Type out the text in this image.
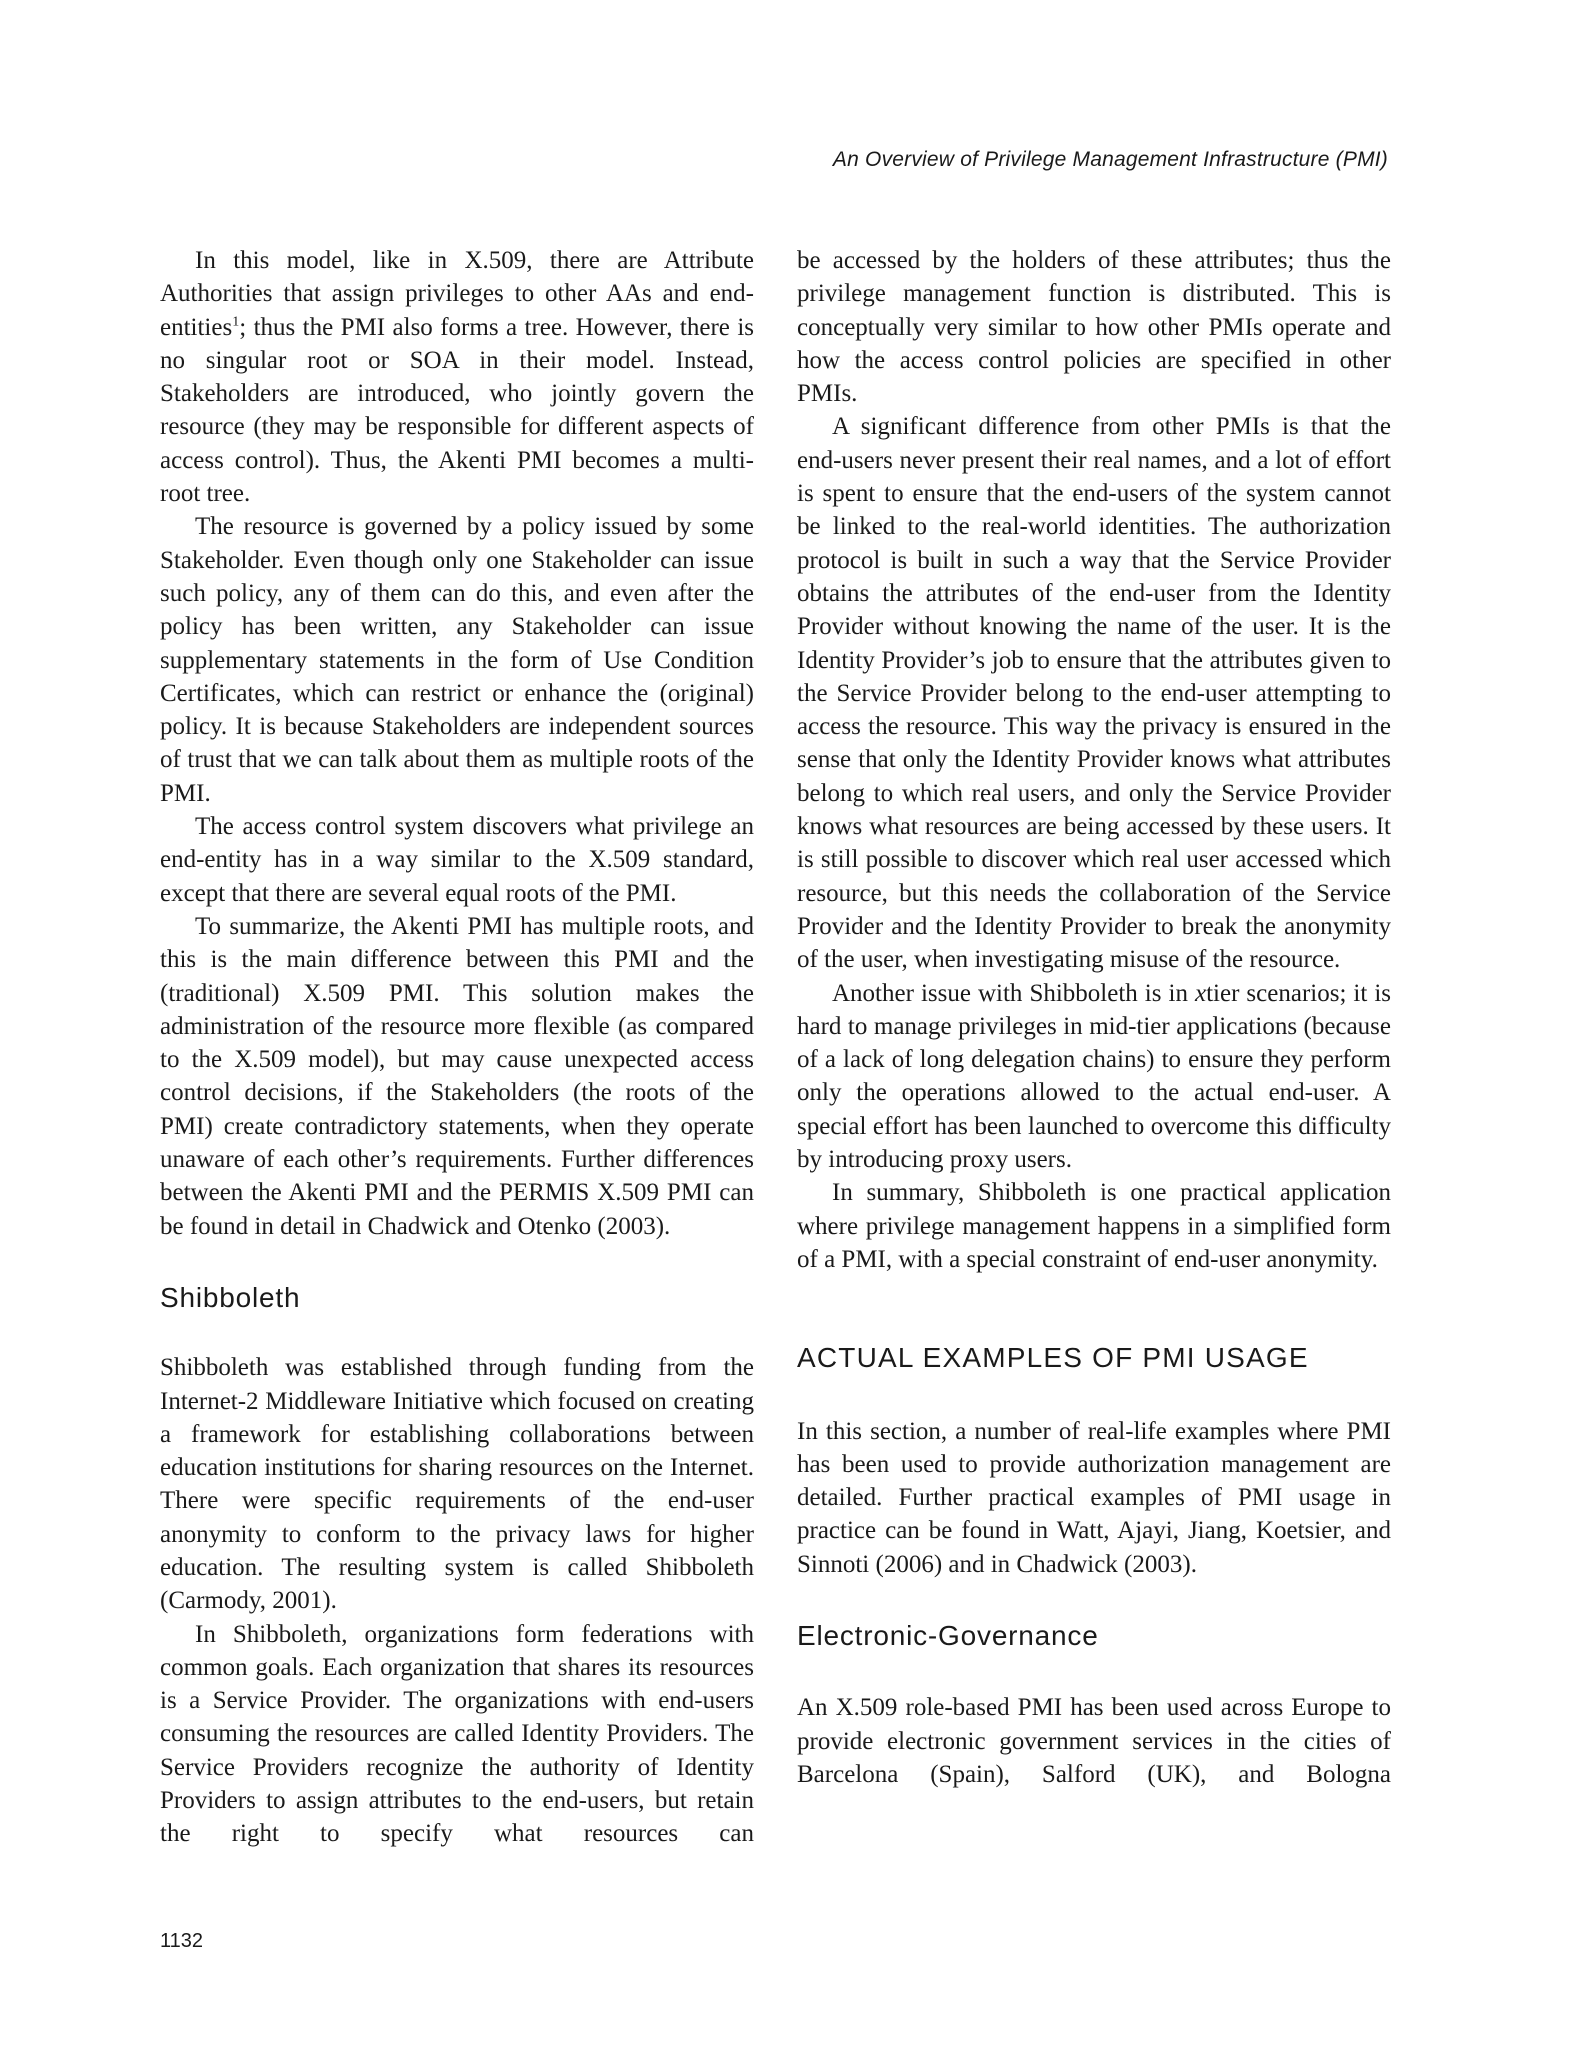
An Overview of Privilege Management Infrastructure (PMI)

In this model, like in X.509, there are Attribute Authorities that assign privileges to other AAs and end-entities$^1$; thus the PMI also forms a tree. However, there is no singular root or SOA in their model. Instead, Stakeholders are introduced, who jointly govern the resource (they may be responsible for different aspects of access control). Thus, the Akenti PMI becomes a multi-root tree.

The resource is governed by a policy issued by some Stakeholder. Even though only one Stakeholder can issue such policy, any of them can do this, and even after the policy has been written, any Stakeholder can issue supplementary statements in the form of Use Condition Certificates, which can restrict or enhance the (original) policy. It is because Stakeholders are independent sources of trust that we can talk about them as multiple roots of the PMI.

The access control system discovers what privilege an end-entity has in a way similar to the X.509 standard, except that there are several equal roots of the PMI.

To summarize, the Akenti PMI has multiple roots, and this is the main difference between this PMI and the (traditional) X.509 PMI. This solution makes the administration of the resource more flexible (as compared to the X.509 model), but may cause unexpected access control decisions, if the Stakeholders (the roots of the PMI) create contradictory statements, when they operate unaware of each other’s requirements. Further differences between the Akenti PMI and the PERMIS X.509 PMI can be found in detail in Chadwick and Otenko (2003).

Shibboleth

Shibboleth was established through funding from the Internet-2 Middleware Initiative which focused on creating a framework for establishing collaborations between education institutions for sharing resources on the Internet. There were specific requirements of the end-user anonymity to conform to the privacy laws for higher education. The resulting system is called Shibboleth (Carmody, 2001).

In Shibboleth, organizations form federations with common goals. Each organization that shares its resources is a Service Provider. The organizations with end-users consuming the resources are called Identity Providers. The Service Providers recognize the authority of Identity Providers to assign attributes to the end-users, but retain the right to specify what resources can

be accessed by the holders of these attributes; thus the privilege management function is distributed. This is conceptually very similar to how other PMIs operate and how the access control policies are specified in other PMIs.

A significant difference from other PMIs is that the end-users never present their real names, and a lot of effort is spent to ensure that the end-users of the system cannot be linked to the real-world identities. The authorization protocol is built in such a way that the Service Provider obtains the attributes of the end-user from the Identity Provider without knowing the name of the user. It is the Identity Provider’s job to ensure that the attributes given to the Service Provider belong to the end-user attempting to access the resource. This way the privacy is ensured in the sense that only the Identity Provider knows what attributes belong to which real users, and only the Service Provider knows what resources are being accessed by these users. It is still possible to discover which real user accessed which resource, but this needs the collaboration of the Service Provider and the Identity Provider to break the anonymity of the user, when investigating misuse of the resource.

Another issue with Shibboleth is in xtier scenarios; it is hard to manage privileges in mid-tier applications (because of a lack of long delegation chains) to ensure they perform only the operations allowed to the actual end-user. A special effort has been launched to overcome this difficulty by introducing proxy users.

In summary, Shibboleth is one practical application where privilege management happens in a simplified form of a PMI, with a special constraint of end-user anonymity.

ACTUAL EXAMPLES OF PMI USAGE

In this section, a number of real-life examples where PMI has been used to provide authorization management are detailed. Further practical examples of PMI usage in practice can be found in Watt, Ajayi, Jiang, Koetsier, and Sinnoti (2006) and in Chadwick (2003).

Electronic-Governance

An X.509 role-based PMI has been used across Europe to provide electronic government services in the cities of Barcelona (Spain), Salford (UK), and Bologna

1132
